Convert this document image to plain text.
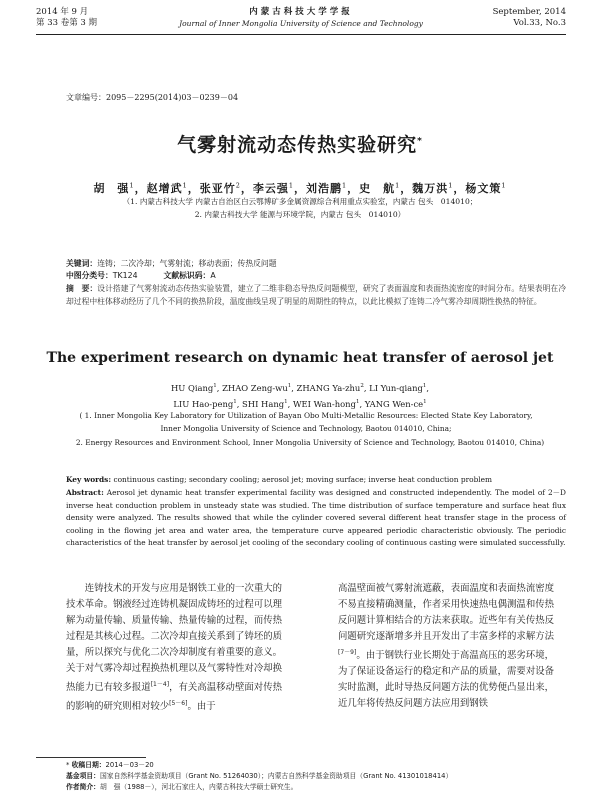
2014 年 9 月
第 33 卷第 3 期
内蒙古科技大学学报
Journal of Inner Mongolia University of Science and Technology
September, 2014
Vol.33, No.3
文章编号：2095－2295(2014)03－0239－04
气雾射流动态传热实验研究*
胡　强$^1$，赵增武$^1$，张亚竹$^2$，李云强$^1$，刘浩鹏$^1$，史　航$^1$，魏万洪$^1$，杨文策$^1$
（1. 内蒙古科技大学 内蒙古自治区白云鄂博矿多金属资源综合利用重点实验室，内蒙古 包头　014010；
2. 内蒙古科技大学 能源与环境学院，内蒙古 包头　014010）
关键词：连铸；二次冷却；气雾射流；移动表面；传热反问题
中图分类号：TK124	文献标识码：A
摘　要：设计搭建了气雾射流动态传热实验装置，建立了二维非稳态导热反问题模型，研究了表面温度和表面热流密度的时间分布。结果表明在冷却过程中柱体移动经历了几个不同的换热阶段，温度曲线呈现了明显的周期性的特点，以此比模拟了连铸二冷气雾冷却周期性换热的特征。
The experiment research on dynamic heat transfer of aerosol jet
HU Qiang$^1$, ZHAO Zeng-$wu^1$, ZHANG Ya-zhu$^2$, LI Yun-qiang$^1$,
LIU Hao-peng$^1$, SHI Hang$^1$, WEI Wan-hong$^1$, YANG Wen-$ce^1$
( 1. Inner Mongolia Key Laboratory for Utilization of Bayan Obo Multi-Metallic Resources: Elected State Key Laboratory,
Inner Mongolia University of Science and Technology, Baotou 014010, China;
2. Energy Resources and Environment School, Inner Mongolia University of Science and Technology, Baotou 014010, China)
Key words: continuous casting; secondary cooling; aerosol jet; moving surface; inverse heat conduction problem
Abstract: Aerosol jet dynamic heat transfer experimental facility was designed and constructed independently. The model of 2－D inverse heat conduction problem in unsteady state was studied. The time distribution of surface temperature and surface heat flux density were analyzed. The results showed that while the cylinder covered several different heat transfer stage in the process of cooling in the flowing jet area and water area, the temperature curve appeared periodic characteristic obviously. The periodic characteristics of the heat transfer by aerosol jet cooling of the secondary cooling of continuous casting were simulated successfully.
连铸技术的开发与应用是钢铁工业的一次重大的技术革命。钢液经过连铸机凝固成铸坯的过程可以理解为动量传输、质量传输、热量传输的过程，而传热过程是其核心过程。二次冷却直接关系到了铸坯的质量，所以探究与优化二次冷却制度有着重要的意义。关于对气雾冷却过程换热机理以及气雾特性对冷却换热能力已有较多报道[1－4]，有关高温移动壁面对传热的影响的研究则相对较少[5－6]。由于
高温壁面被气雾射流遮蔽，表面温度和表面热流密度不易直接精确测量，作者采用快速热电偶测温和传热反问题计算相结合的方法来获取。近些年有关传热反问题研究逐渐增多并且开发出了丰富多样的求解方法[7－9]。由于钢铁行业长期处于高温高压的恶劣环境，为了保证设备运行的稳定和产品的质量，需要对设备实时监测，此时导热反问题方法的优势便凸显出来，近几年将传热反问题方法应用到钢铁
* 收稿日期：2014－03－20
基金项目：国家自然科学基金资助项目（Grant No. 51264030）；内蒙古自然科学基金资助项目（Grant No. 41301018414）
作者简介：胡　强（1988－），河北石家庄人，内蒙古科技大学硕士研究生。
